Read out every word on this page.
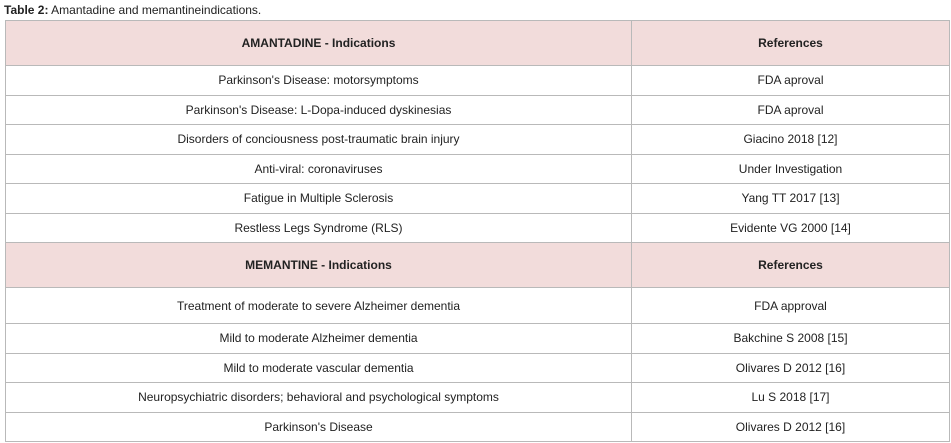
Table 2: Amantadine and memantineindications.
AMANTADINE - Indications	References
Parkinson's Disease: motorsymptoms	FDA aproval
Parkinson's Disease: L-Dopa-induced dyskinesias	FDA aproval
Disorders of conciousness post-traumatic brain injury	Giacino 2018 [12]
Anti-viral: coronaviruses	Under Investigation
Fatigue in Multiple Sclerosis	Yang TT 2017 [13]
Restless Legs Syndrome (RLS)	Evidente VG 2000 [14]
MEMANTINE - Indications	References
Treatment of moderate to severe Alzheimer dementia	FDA approval
Mild to moderate Alzheimer dementia	Bakchine S 2008 [15]
Mild to moderate vascular dementia	Olivares D 2012 [16]
Neuropsychiatric disorders; behavioral and psychological symptoms	Lu S 2018 [17]
Parkinson's Disease	Olivares D 2012 [16]
